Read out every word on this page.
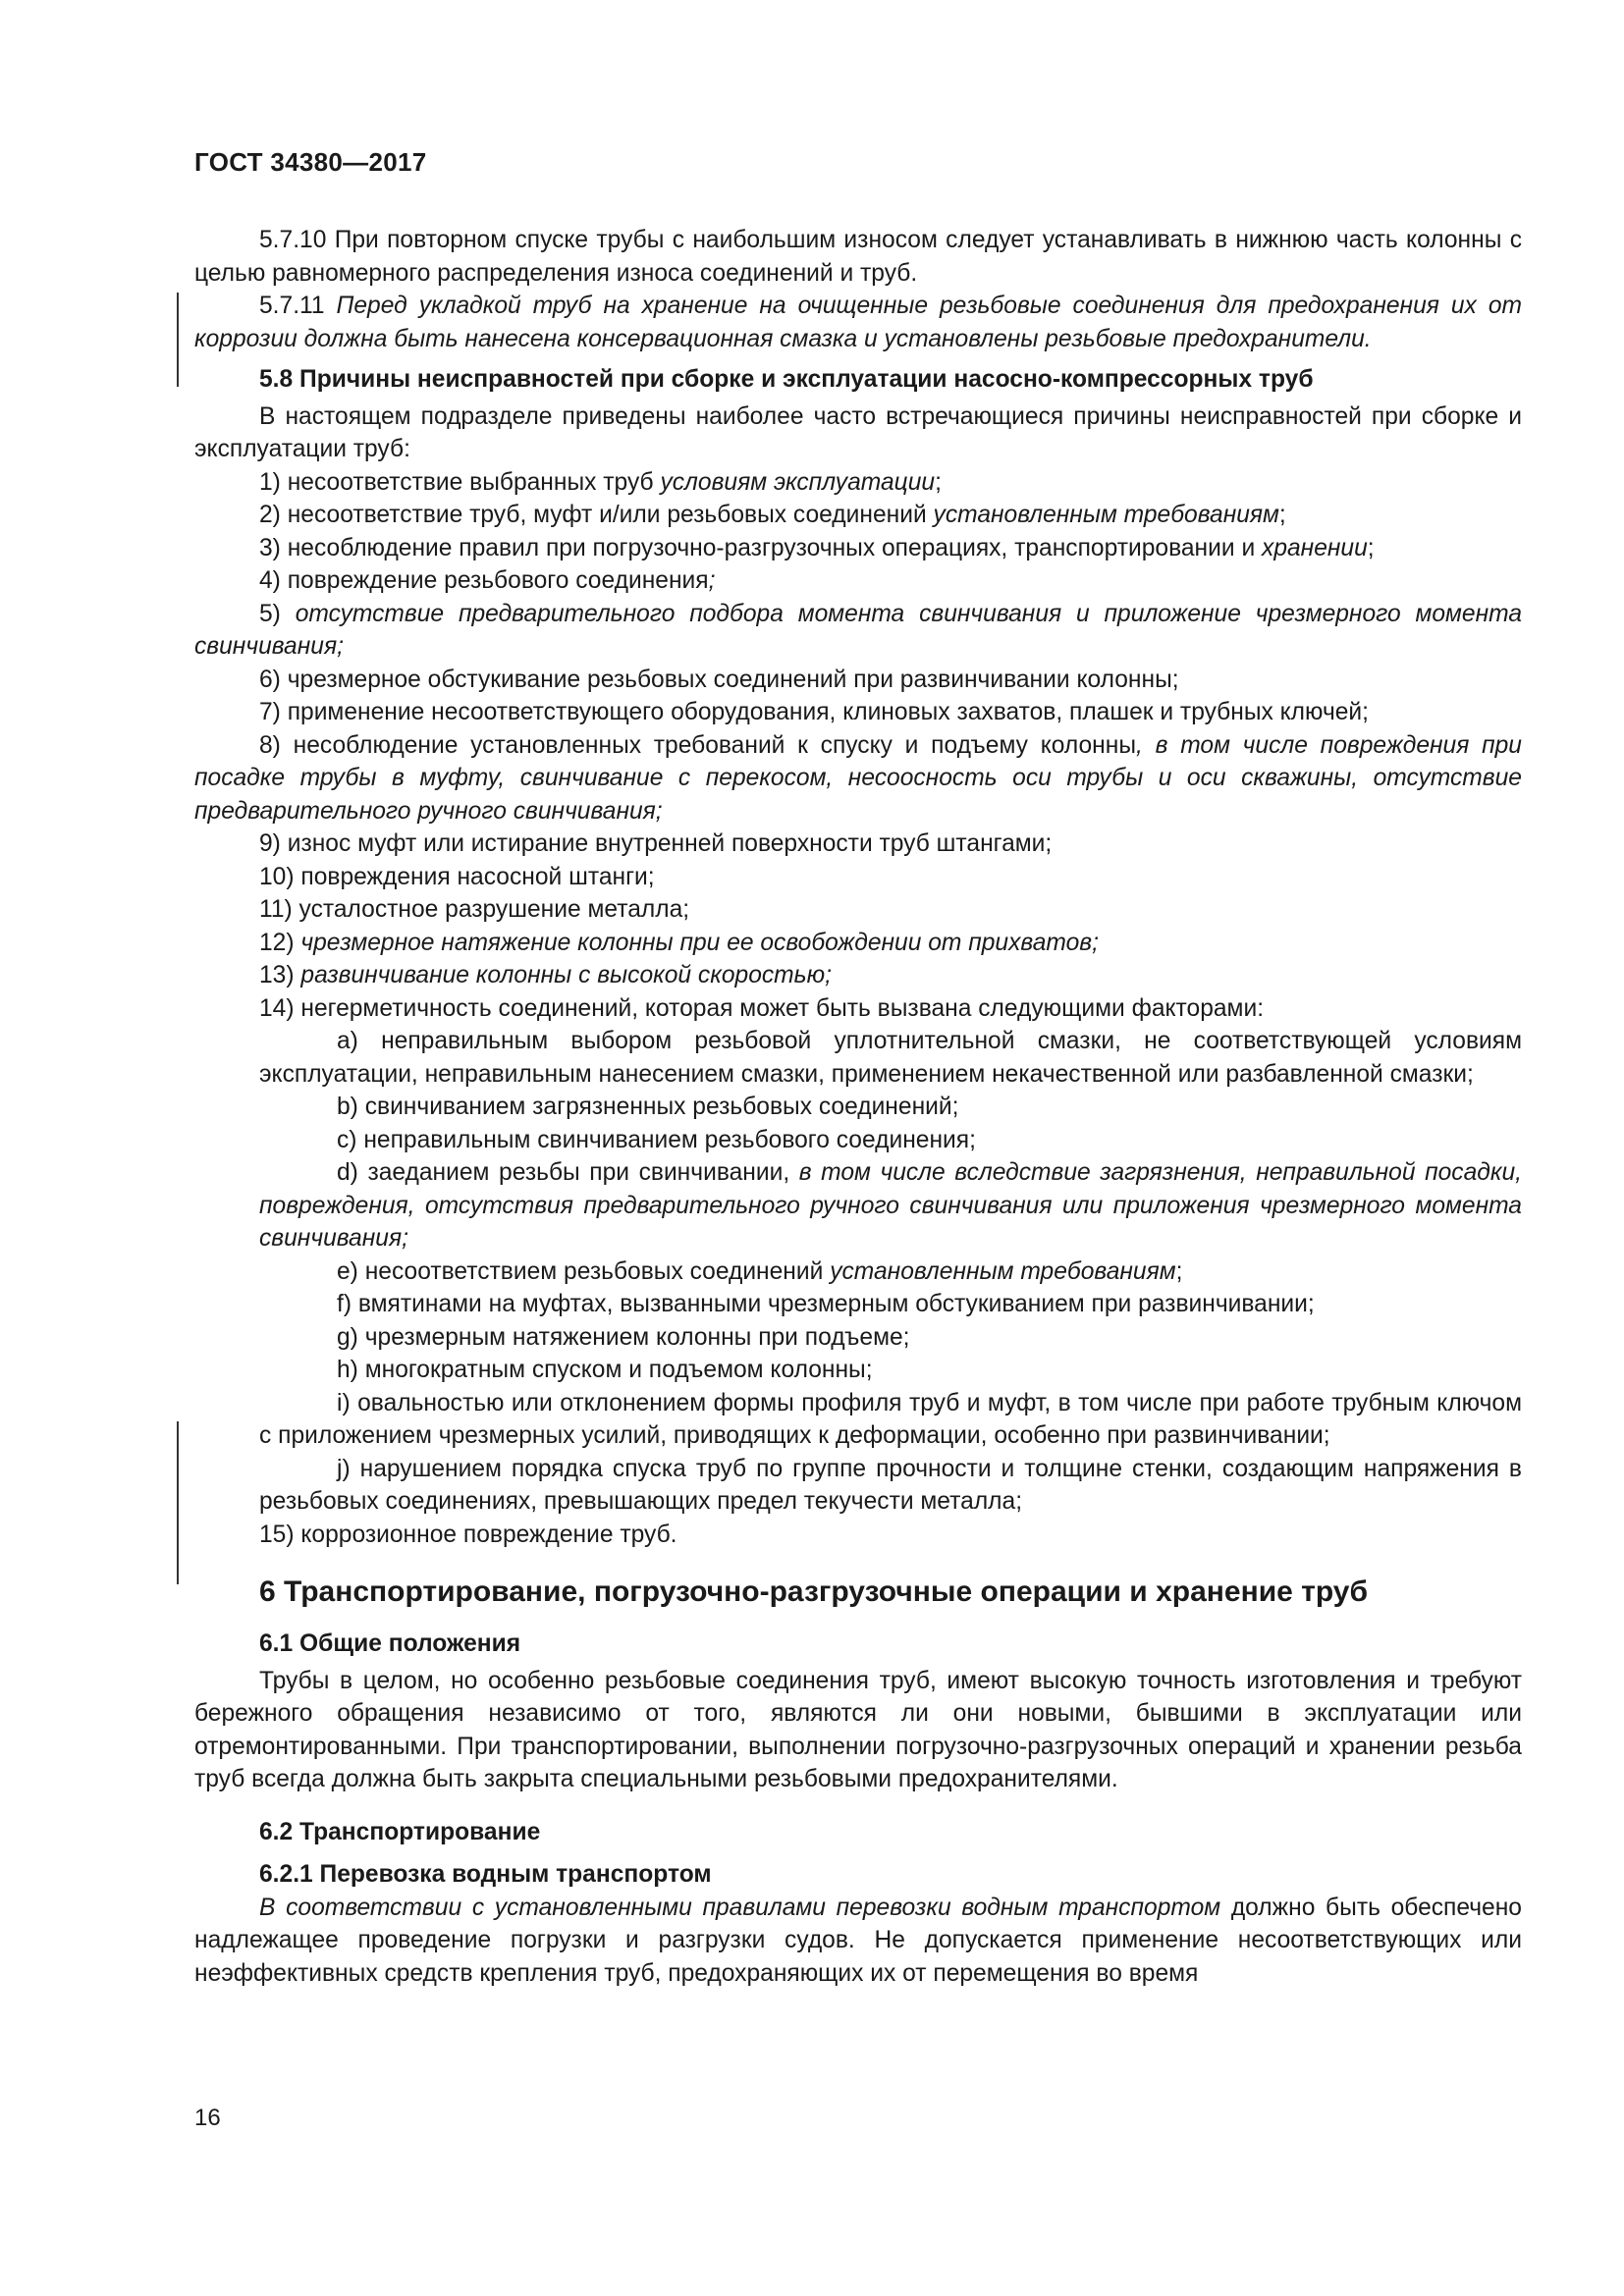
ГОСТ 34380—2017

5.7.10 При повторном спуске трубы с наибольшим износом следует устанавливать в нижнюю часть колонны с целью равномерного распределения износа соединений и труб.

5.7.11 Перед укладкой труб на хранение на очищенные резьбовые соединения для предохранения их от коррозии должна быть нанесена консервационная смазка и установлены резьбовые предохранители.

5.8 Причины неисправностей при сборке и эксплуатации насосно-компрессорных труб

В настоящем подразделе приведены наиболее часто встречающиеся причины неисправностей при сборке и эксплуатации труб:

1) несоответствие выбранных труб условиям эксплуатации;

2) несоответствие труб, муфт и/или резьбовых соединений установленным требованиям;

3) несоблюдение правил при погрузочно-разгрузочных операциях, транспортировании и хранении;

4) повреждение резьбового соединения;

5) отсутствие предварительного подбора момента свинчивания и приложение чрезмерного момента свинчивания;

6) чрезмерное обстукивание резьбовых соединений при развинчивании колонны;

7) применение несоответствующего оборудования, клиновых захватов, плашек и трубных ключей;

8) несоблюдение установленных требований к спуску и подъему колонны, в том числе повреждения при посадке трубы в муфту, свинчивание с перекосом, несоосность оси трубы и оси скважины, отсутствие предварительного ручного свинчивания;

9) износ муфт или истирание внутренней поверхности труб штангами;

10) повреждения насосной штанги;

11) усталостное разрушение металла;

12) чрезмерное натяжение колонны при ее освобождении от прихватов;

13) развинчивание колонны с высокой скоростью;

14) негерметичность соединений, которая может быть вызвана следующими факторами:

a) неправильным выбором резьбовой уплотнительной смазки, не соответствующей условиям эксплуатации, неправильным нанесением смазки, применением некачественной или разбавленной смазки;

b) свинчиванием загрязненных резьбовых соединений;

c) неправильным свинчиванием резьбового соединения;

d) заеданием резьбы при свинчивании, в том числе вследствие загрязнения, неправильной посадки, повреждения, отсутствия предварительного ручного свинчивания или приложения чрезмерного момента свинчивания;

e) несоответствием резьбовых соединений установленным требованиям;

f) вмятинами на муфтах, вызванными чрезмерным обстукиванием при развинчивании;

g) чрезмерным натяжением колонны при подъеме;

h) многократным спуском и подъемом колонны;

i) овальностью или отклонением формы профиля труб и муфт, в том числе при работе трубным ключом с приложением чрезмерных усилий, приводящих к деформации, особенно при развинчивании;

j) нарушением порядка спуска труб по группе прочности и толщине стенки, создающим напряжения в резьбовых соединениях, превышающих предел текучести металла;

15) коррозионное повреждение труб.

6 Транспортирование, погрузочно-разгрузочные операции и хранение труб

6.1 Общие положения

Трубы в целом, но особенно резьбовые соединения труб, имеют высокую точность изготовления и требуют бережного обращения независимо от того, являются ли они новыми, бывшими в эксплуатации или отремонтированными. При транспортировании, выполнении погрузочно-разгрузочных операций и хранении резьба труб всегда должна быть закрыта специальными резьбовыми предохранителями.

6.2 Транспортирование

6.2.1 Перевозка водным транспортом

В соответствии с установленными правилами перевозки водным транспортом должно быть обеспечено надлежащее проведение погрузки и разгрузки судов. Не допускается применение несоответствующих или неэффективных средств крепления труб, предохраняющих их от перемещения во время

16
